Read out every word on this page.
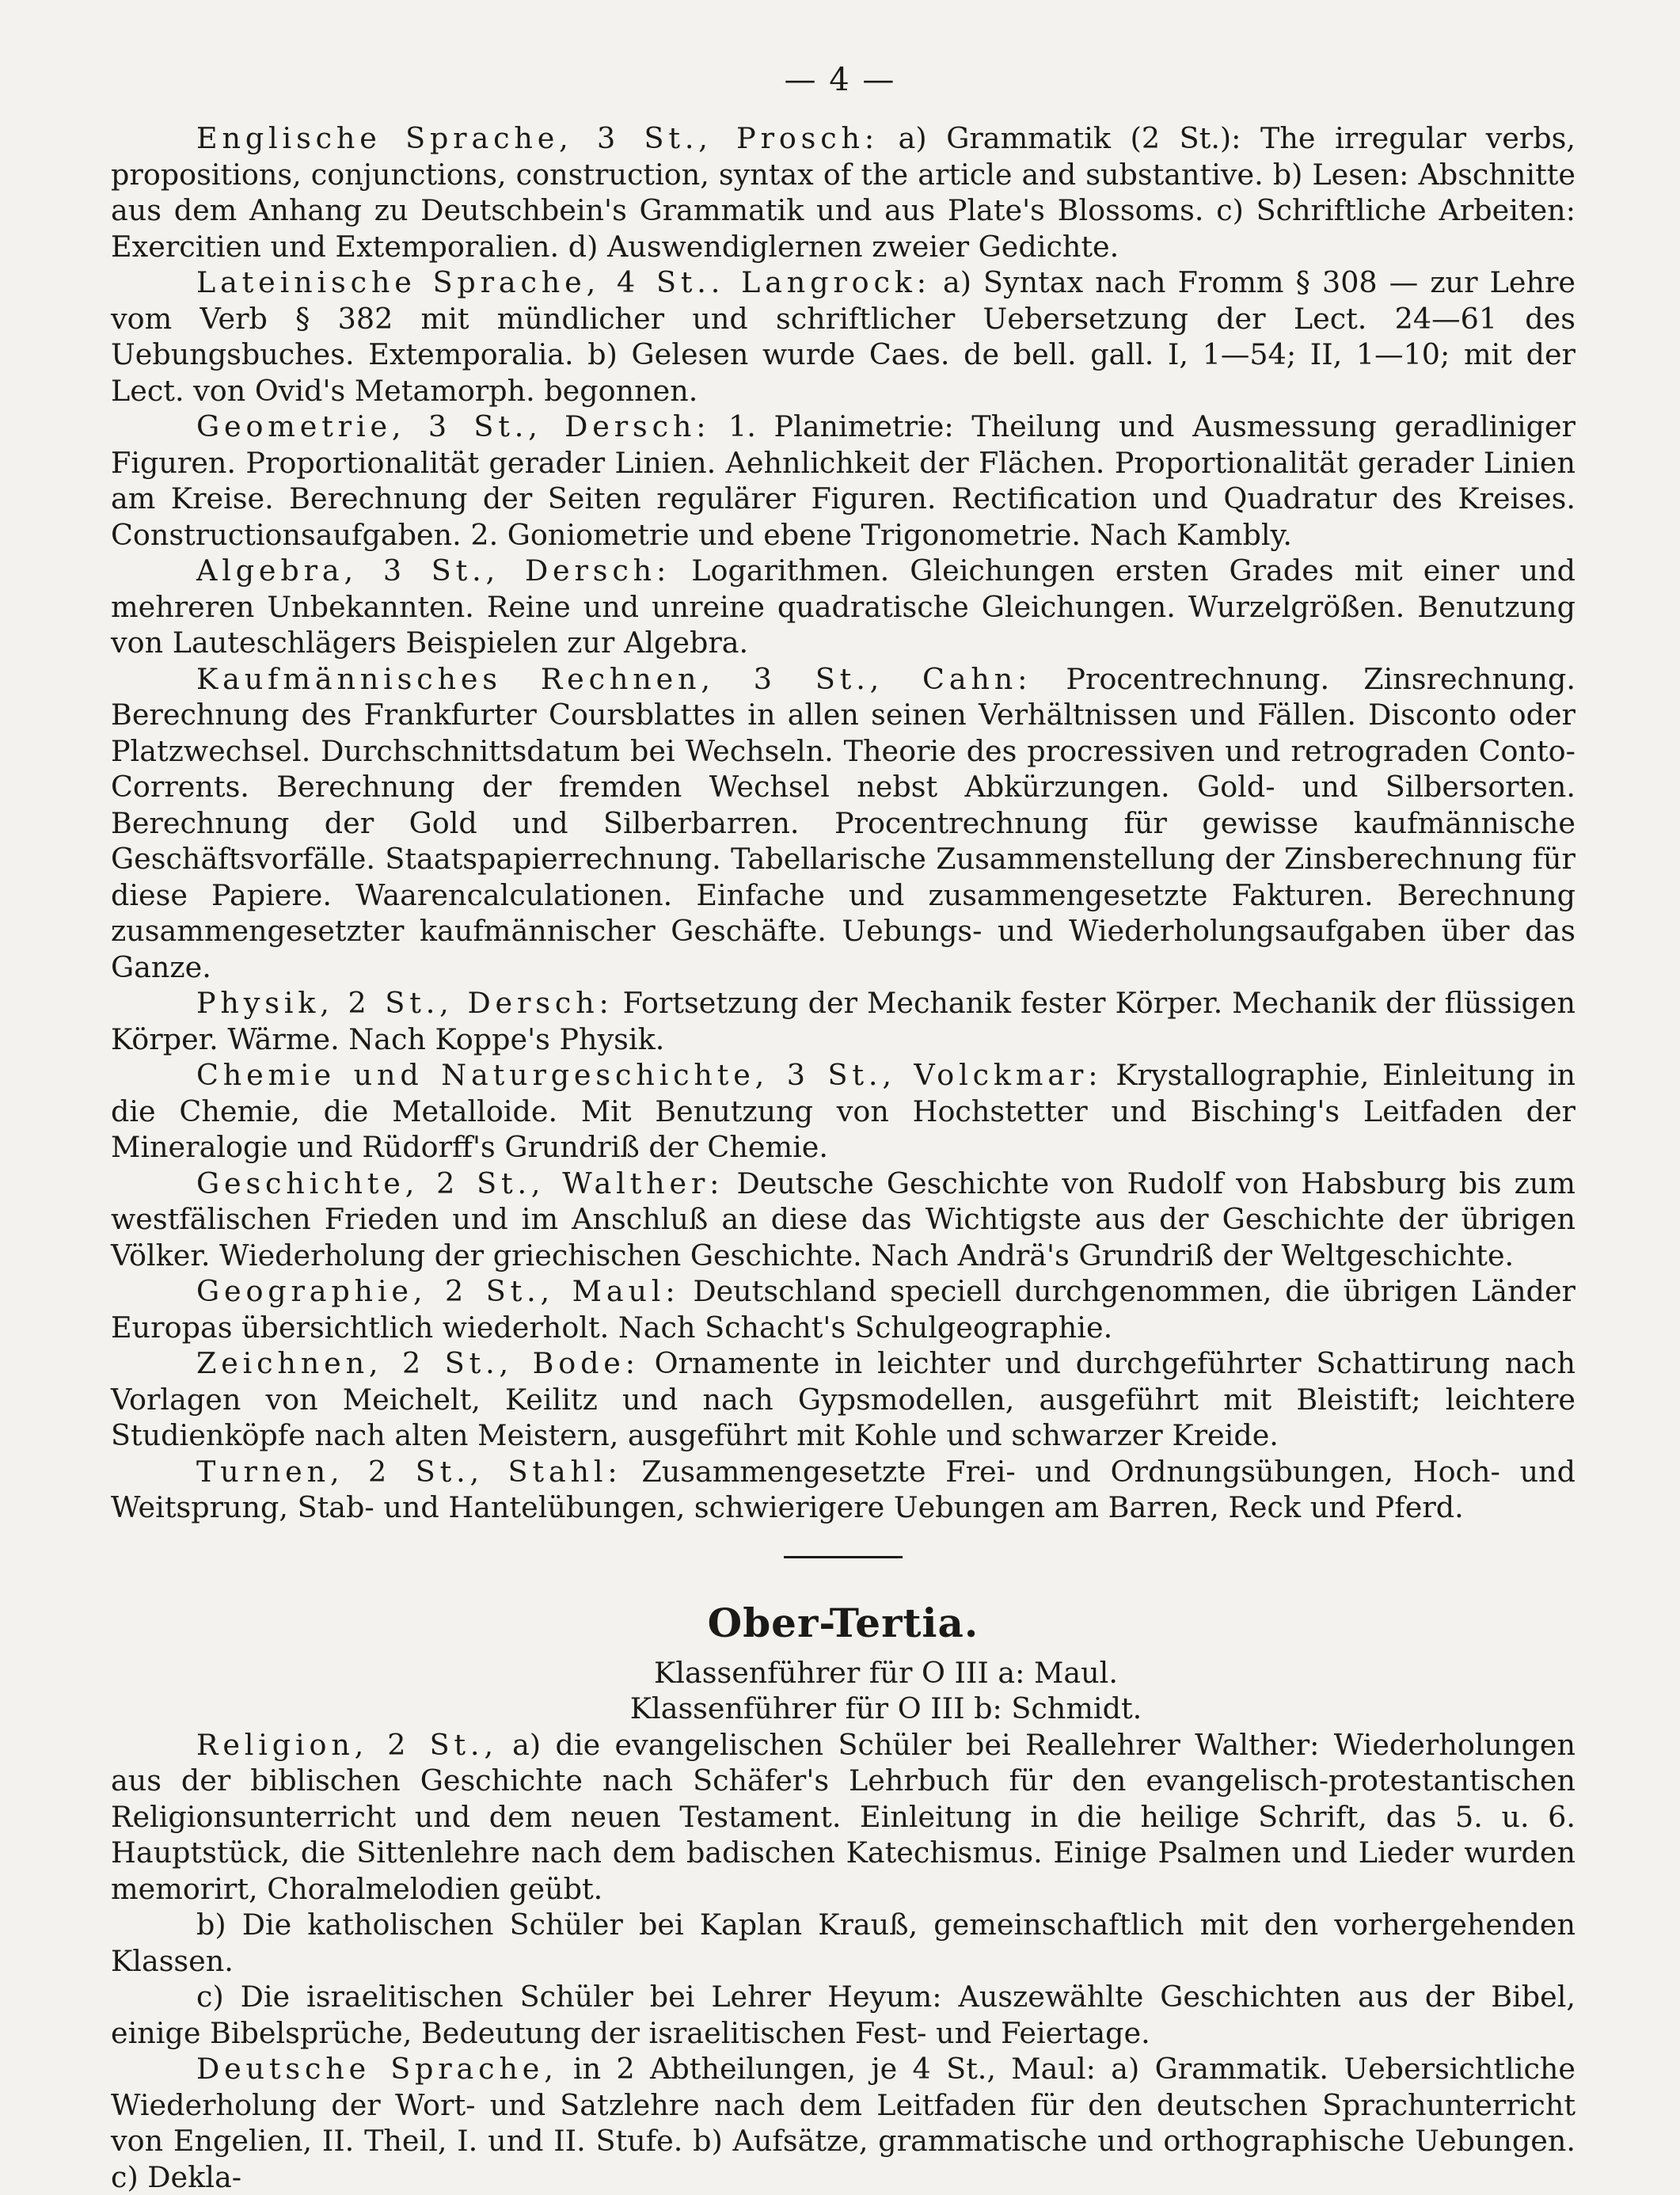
— 4 —

Englische Sprache, 3 St., Prosch: a) Grammatik (2 St.): The irregular verbs, propositions, conjunctions, construction, syntax of the article and substantive. b) Lesen: Abschnitte aus dem Anhang zu Deutschbein's Grammatik und aus Plate's Blossoms. c) Schriftliche Arbeiten: Exercitien und Extemporalien. d) Auswendiglernen zweier Gedichte.

Lateinische Sprache, 4 St.. Langrock: a) Syntax nach Fromm § 308 — zur Lehre vom Verb § 382 mit mündlicher und schriftlicher Uebersetzung der Lect. 24—61 des Uebungsbuches. Extemporalia. b) Gelesen wurde Caes. de bell. gall. I, 1—54; II, 1—10; mit der Lect. von Ovid's Metamorph. begonnen.

Geometrie, 3 St., Dersch: 1. Planimetrie: Theilung und Ausmessung geradliniger Figuren. Proportionalität gerader Linien. Aehnlichkeit der Flächen. Proportionalität gerader Linien am Kreise. Berechnung der Seiten regulärer Figuren. Rectification und Quadratur des Kreises. Constructionsaufgaben. 2. Goniometrie und ebene Trigonometrie. Nach Kambly.

Algebra, 3 St., Dersch: Logarithmen. Gleichungen ersten Grades mit einer und mehreren Unbekannten. Reine und unreine quadratische Gleichungen. Wurzelgrößen. Benutzung von Lauteschlägers Beispielen zur Algebra.

Kaufmännisches Rechnen, 3 St., Cahn: Procentrechnung. Zinsrechnung. Berechnung des Frankfurter Coursblattes in allen seinen Verhältnissen und Fällen. Disconto oder Platzwechsel. Durchschnittsdatum bei Wechseln. Theorie des procressiven und retrograden Conto-Corrents. Berechnung der fremden Wechsel nebst Abkürzungen. Gold- und Silbersorten. Berechnung der Gold und Silberbarren. Procentrechnung für gewisse kaufmännische Geschäftsvorfälle. Staatspapierrechnung. Tabellarische Zusammenstellung der Zinsberechnung für diese Papiere. Waarencalculationen. Einfache und zusammengesetzte Fakturen. Berechnung zusammengesetzter kaufmännischer Geschäfte. Uebungs- und Wiederholungsaufgaben über das Ganze.

Physik, 2 St., Dersch: Fortsetzung der Mechanik fester Körper. Mechanik der flüssigen Körper. Wärme. Nach Koppe's Physik.

Chemie und Naturgeschichte, 3 St., Volckmar: Krystallographie, Einleitung in die Chemie, die Metalloide. Mit Benutzung von Hochstetter und Bisching's Leitfaden der Mineralogie und Rüdorff's Grundriß der Chemie.

Geschichte, 2 St., Walther: Deutsche Geschichte von Rudolf von Habsburg bis zum westfälischen Frieden und im Anschluß an diese das Wichtigste aus der Geschichte der übrigen Völker. Wiederholung der griechischen Geschichte. Nach Andrä's Grundriß der Weltgeschichte.

Geographie, 2 St., Maul: Deutschland speciell durchgenommen, die übrigen Länder Europas übersichtlich wiederholt. Nach Schacht's Schulgeographie.

Zeichnen, 2 St., Bode: Ornamente in leichter und durchgeführter Schattirung nach Vorlagen von Meichelt, Keilitz und nach Gypsmodellen, ausgeführt mit Bleistift; leichtere Studienköpfe nach alten Meistern, ausgeführt mit Kohle und schwarzer Kreide.

Turnen, 2 St., Stahl: Zusammengesetzte Frei- und Ordnungsübungen, Hoch- und Weitsprung, Stab- und Hantelübungen, schwierigere Uebungen am Barren, Reck und Pferd.

Ober-Tertia.

Klassenführer für O III a: Maul.

Klassenführer für O III b: Schmidt.

Religion, 2 St., a) die evangelischen Schüler bei Reallehrer Walther: Wiederholungen aus der biblischen Geschichte nach Schäfer's Lehrbuch für den evangelisch-protestantischen Religionsunterricht und dem neuen Testament. Einleitung in die heilige Schrift, das 5. u. 6. Hauptstück, die Sittenlehre nach dem badischen Katechismus. Einige Psalmen und Lieder wurden memorirt, Choralmelodien geübt.

b) Die katholischen Schüler bei Kaplan Krauß, gemeinschaftlich mit den vorhergehenden Klassen.

c) Die israelitischen Schüler bei Lehrer Heyum: Auszewählte Geschichten aus der Bibel, einige Bibelsprüche, Bedeutung der israelitischen Fest- und Feiertage.

Deutsche Sprache, in 2 Abtheilungen, je 4 St., Maul: a) Grammatik. Uebersichtliche Wiederholung der Wort- und Satzlehre nach dem Leitfaden für den deutschen Sprachunterricht von Engelien, II. Theil, I. und II. Stufe. b) Aufsätze, grammatische und orthographische Uebungen. c) Dekla-
